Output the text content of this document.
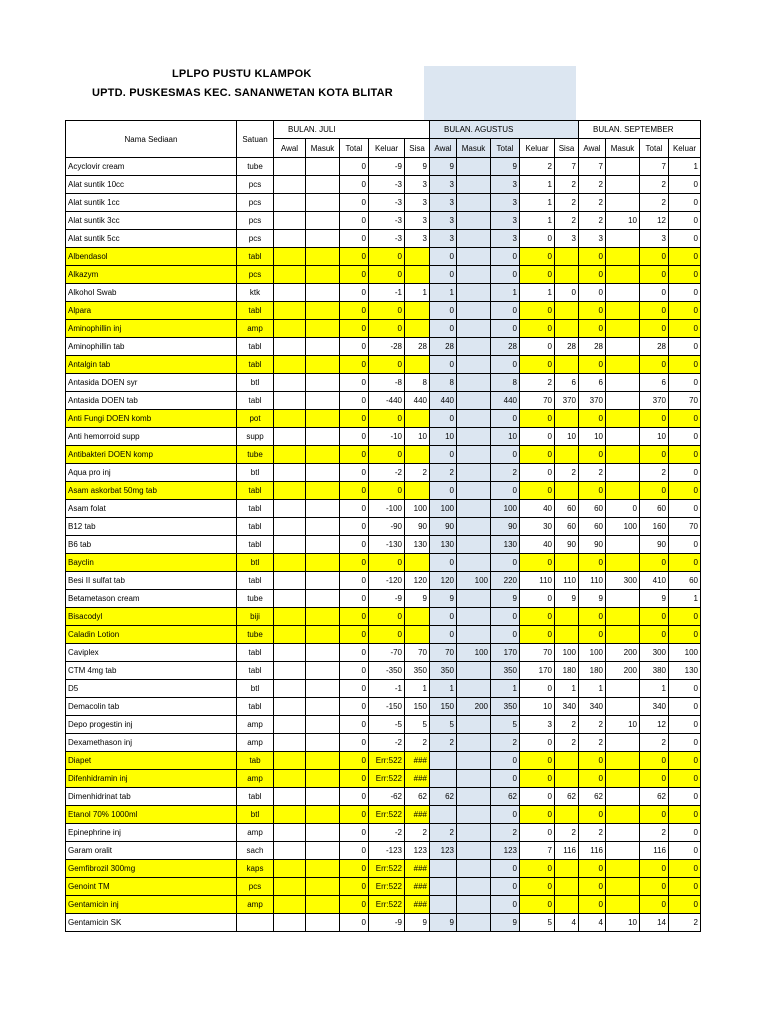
LPLPO PUSTU KLAMPOK
UPTD. PUSKESMAS KEC. SANANWETAN KOTA BLITAR
Nama Sediaan	Satuan	BULAN. JULI					BULAN. AGUSTUS					BULAN. SEPTEMBER			
		Awal	Masuk	Total	Keluar	Sisa	Awal	Masuk	Total	Keluar	Sisa	Awal	Masuk	Total	Keluar
Acyclovir cream	tube			0	-9	9	9		9	2	7	7		7	1
Alat suntik 10cc	pcs			0	-3	3	3		3	1	2	2		2	0
Alat suntik 1cc	pcs			0	-3	3	3		3	1	2	2		2	0
Alat suntik 3cc	pcs			0	-3	3	3		3	1	2	2	10	12	0
Alat suntik 5cc	pcs			0	-3	3	3		3	0	3	3		3	0
Albendasol	tabl			0	0		0		0	0		0		0	0
Alkazym	pcs			0	0		0		0	0		0		0	0
Alkohol Swab	ktk			0	-1	1	1		1	1	0	0		0	0
Alpara	tabl			0	0		0		0	0		0		0	0
Aminophillin inj	amp			0	0		0		0	0		0		0	0
Aminophillin tab	tabl			0	-28	28	28		28	0	28	28		28	0
Antalgin tab	tabl			0	0		0		0	0		0		0	0
Antasida DOEN syr	btl			0	-8	8	8		8	2	6	6		6	0
Antasida DOEN tab	tabl			0	-440	440	440		440	70	370	370		370	70
Anti Fungi DOEN komb	pot			0	0		0		0	0		0		0	0
Anti hemorroid supp	supp			0	-10	10	10		10	0	10	10		10	0
Antibakteri DOEN komp	tube			0	0		0		0	0		0		0	0
Aqua pro inj	btl			0	-2	2	2		2	0	2	2		2	0
Asam askorbat 50mg tab	tabl			0	0		0		0	0		0		0	0
Asam folat	tabl			0	-100	100	100		100	40	60	60	0	60	0
B12 tab	tabl			0	-90	90	90		90	30	60	60	100	160	70
B6 tab	tabl			0	-130	130	130		130	40	90	90		90	0
Bayclin	btl			0	0		0		0	0		0		0	0
Besi II sulfat tab	tabl			0	-120	120	120	100	220	110	110	110	300	410	60
Betametason cream	tube			0	-9	9	9		9	0	9	9		9	1
Bisacodyl	biji			0	0		0		0	0		0		0	0
Caladin Lotion	tube			0	0		0		0	0		0		0	0
Caviplex	tabl			0	-70	70	70	100	170	70	100	100	200	300	100
CTM 4mg tab	tabl			0	-350	350	350		350	170	180	180	200	380	130
D5	btl			0	-1	1	1		1	0	1	1		1	0
Demacolin tab	tabl			0	-150	150	150	200	350	10	340	340		340	0
Depo progestin inj	amp			0	-5	5	5		5	3	2	2	10	12	0
Dexamethason inj	amp			0	-2	2	2		2	0	2	2		2	0
Diapet	tab			0	Err:522	###			0	0		0		0	0
Difenhidramin inj	amp			0	Err:522	###			0	0		0		0	0
Dimenhidrinat tab	tabl			0	-62	62	62		62	0	62	62		62	0
Etanol 70% 1000ml	btl			0	Err:522	###			0	0		0		0	0
Epinephrine inj	amp			0	-2	2	2		2	0	2	2		2	0
Garam oralit	sach			0	-123	123	123		123	7	116	116		116	0
Gemfibrozil 300mg	kaps			0	Err:522	###			0	0		0		0	0
Genoint TM	pcs			0	Err:522	###			0	0		0		0	0
Gentamicin inj	amp			0	Err:522	###			0	0		0		0	0
Gentamicin SK				0	-9	9	9		9	5	4	4	10	14	2
